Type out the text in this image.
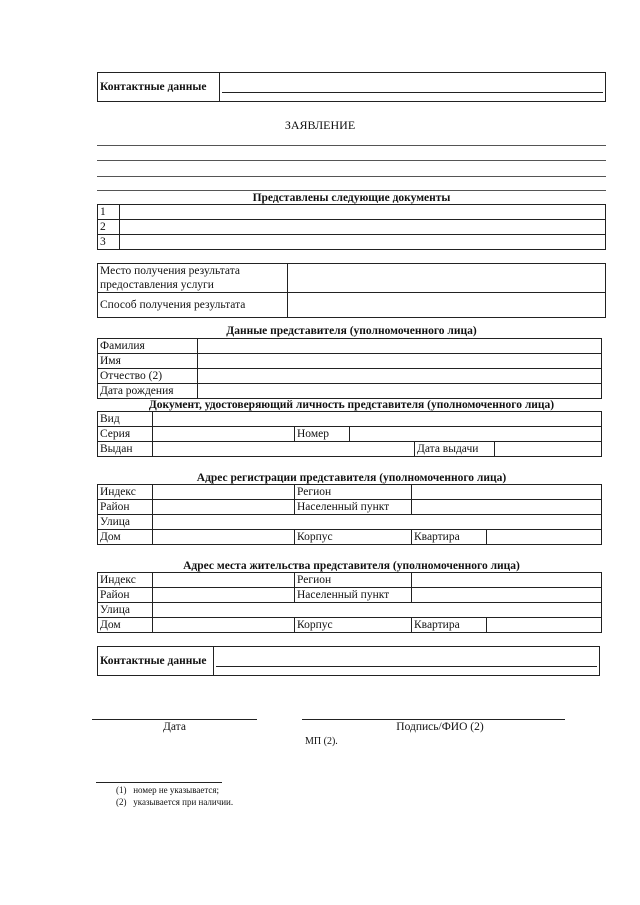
Контактные данные	
ЗАЯВЛЕНИЕ
Представлены следующие документы
1	
2	
3	
Место получения результата предоставления услуги	
Способ получения результата	
Данные представителя (уполномоченного лица)
Фамилия	
Имя	
Отчество (2)	
Дата рождения	
Документ, удостоверяющий личность представителя (уполномоченного лица)
Вид					
Серия		Номер			
Выдан				Дата выдачи	
Адрес регистрации представителя (уполномоченного лица)
Индекс		Регион		
Район		Населенный пункт		
Улица				
Дом		Корпус	Квартира	
Адрес места жительства представителя (уполномоченного лица)
Индекс		Регион		
Район		Населенный пункт		
Улица				
Дом		Корпус	Квартира	
Контактные данные	
Дата	Подпись/ФИО (2)
МП (2).
(1)   номер не указывается;
(2)   указывается при наличии.
